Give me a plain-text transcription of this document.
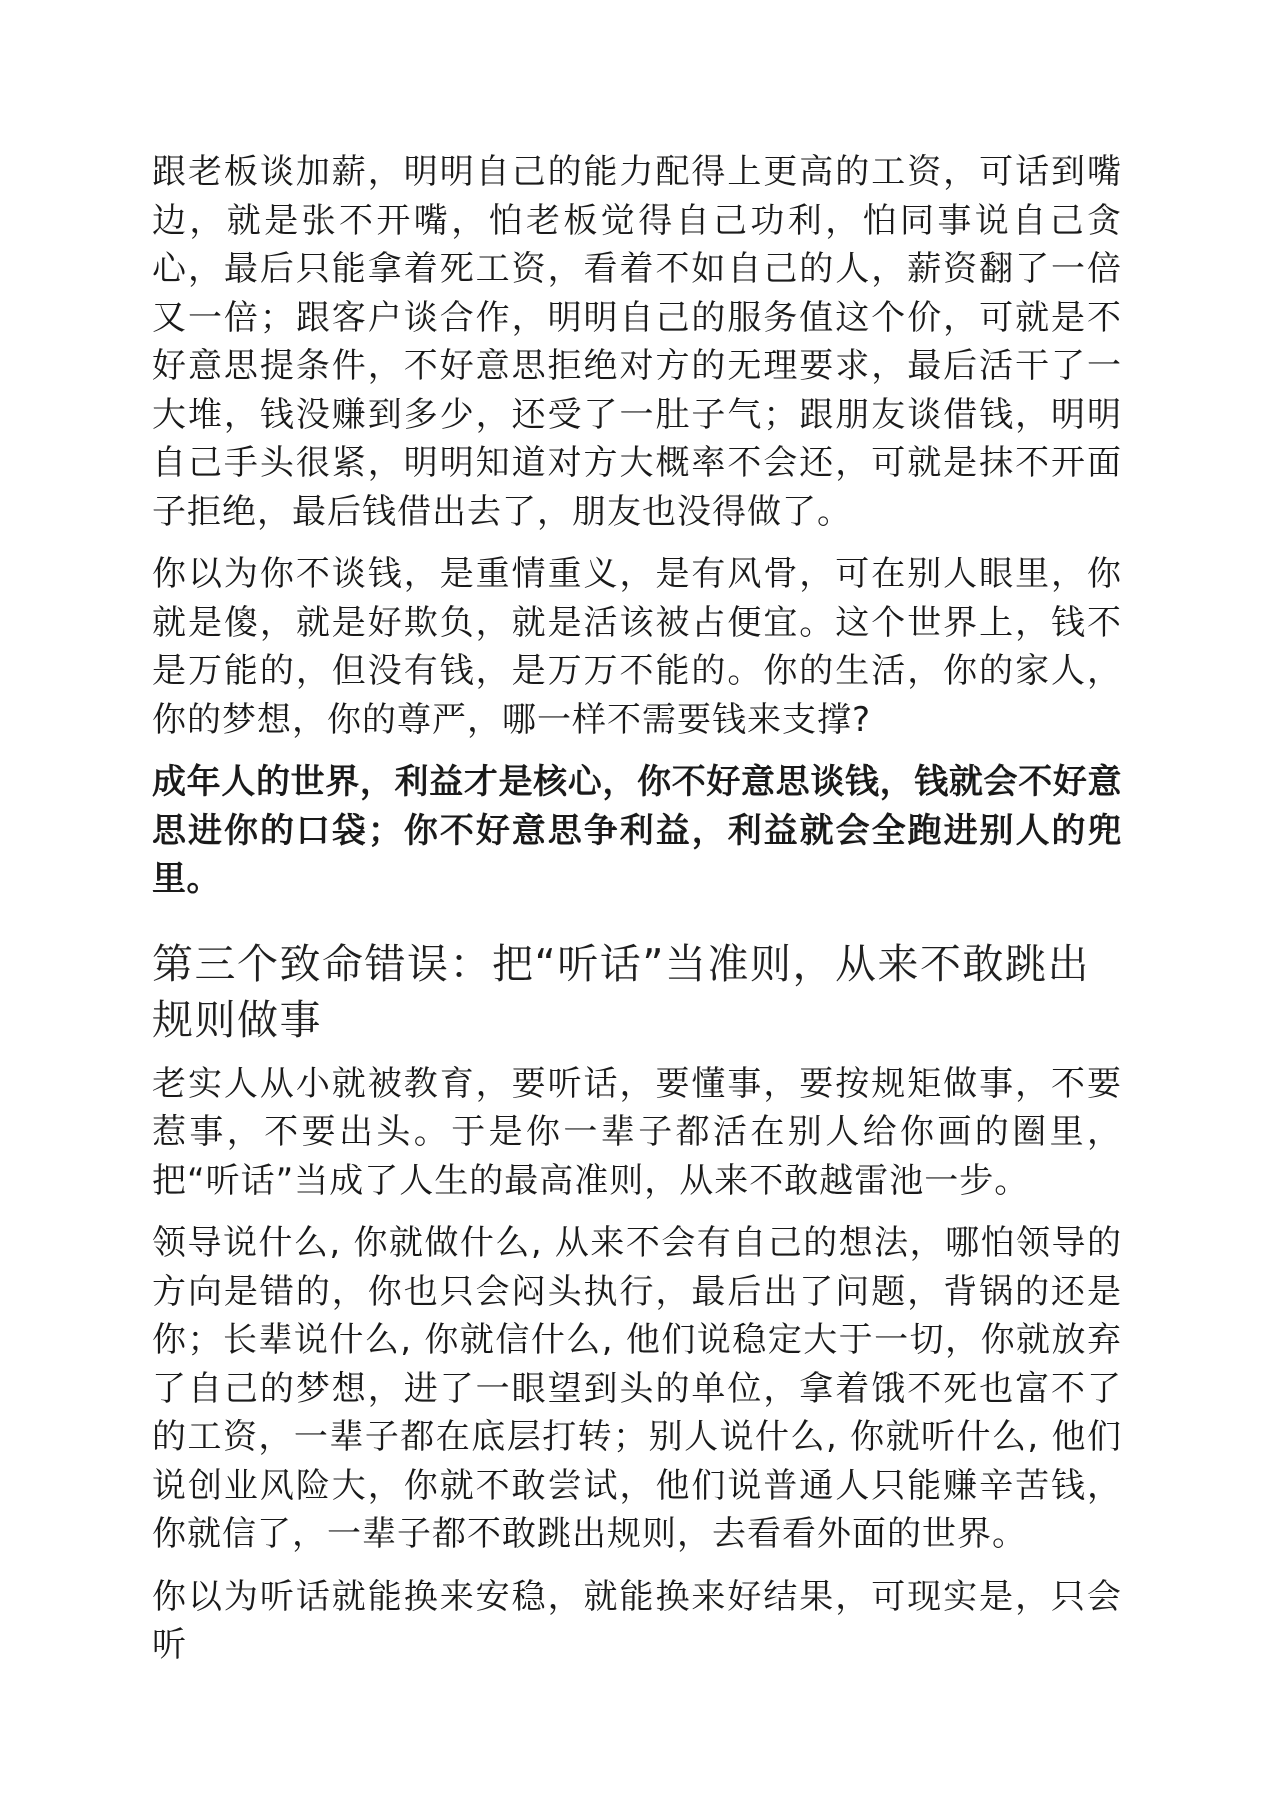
跟老板谈加薪，明明自己的能力配得上更高的工资，可话到嘴边，就是张不开嘴，怕老板觉得自己功利，怕同事说自己贪心，最后只能拿着死工资，看着不如自己的人，薪资翻了一倍又一倍；跟客户谈合作，明明自己的服务值这个价，可就是不好意思提条件，不好意思拒绝对方的无理要求，最后活干了一大堆，钱没赚到多少，还受了一肚子气；跟朋友谈借钱，明明自己手头很紧，明明知道对方大概率不会还，可就是抹不开面子拒绝，最后钱借出去了，朋友也没得做了。

你以为你不谈钱，是重情重义，是有风骨，可在别人眼里，你就是傻，就是好欺负，就是活该被占便宜。这个世界上，钱不是万能的，但没有钱，是万万不能的。你的生活，你的家人，你的梦想，你的尊严，哪一样不需要钱来支撑?

成年人的世界，利益才是核心，你不好意思谈钱，钱就会不好意思进你的口袋；你不好意思争利益，利益就会全跑进别人的兜里。

第三个致命错误：把“听话”当准则，从来不敢跳出规则做事

老实人从小就被教育，要听话，要懂事，要按规矩做事，不要惹事，不要出头。于是你一辈子都活在别人给你画的圈里，把“听话”当成了人生的最高准则，从来不敢越雷池一步。

领导说什么, 你就做什么, 从来不会有自己的想法，哪怕领导的方向是错的，你也只会闷头执行，最后出了问题，背锅的还是你；长辈说什么, 你就信什么, 他们说稳定大于一切，你就放弃了自己的梦想，进了一眼望到头的单位，拿着饿不死也富不了的工资，一辈子都在底层打转；别人说什么, 你就听什么, 他们说创业风险大，你就不敢尝试，他们说普通人只能赚辛苦钱，你就信了，一辈子都不敢跳出规则，去看看外面的世界。

你以为听话就能换来安稳，就能换来好结果，可现实是，只会听
